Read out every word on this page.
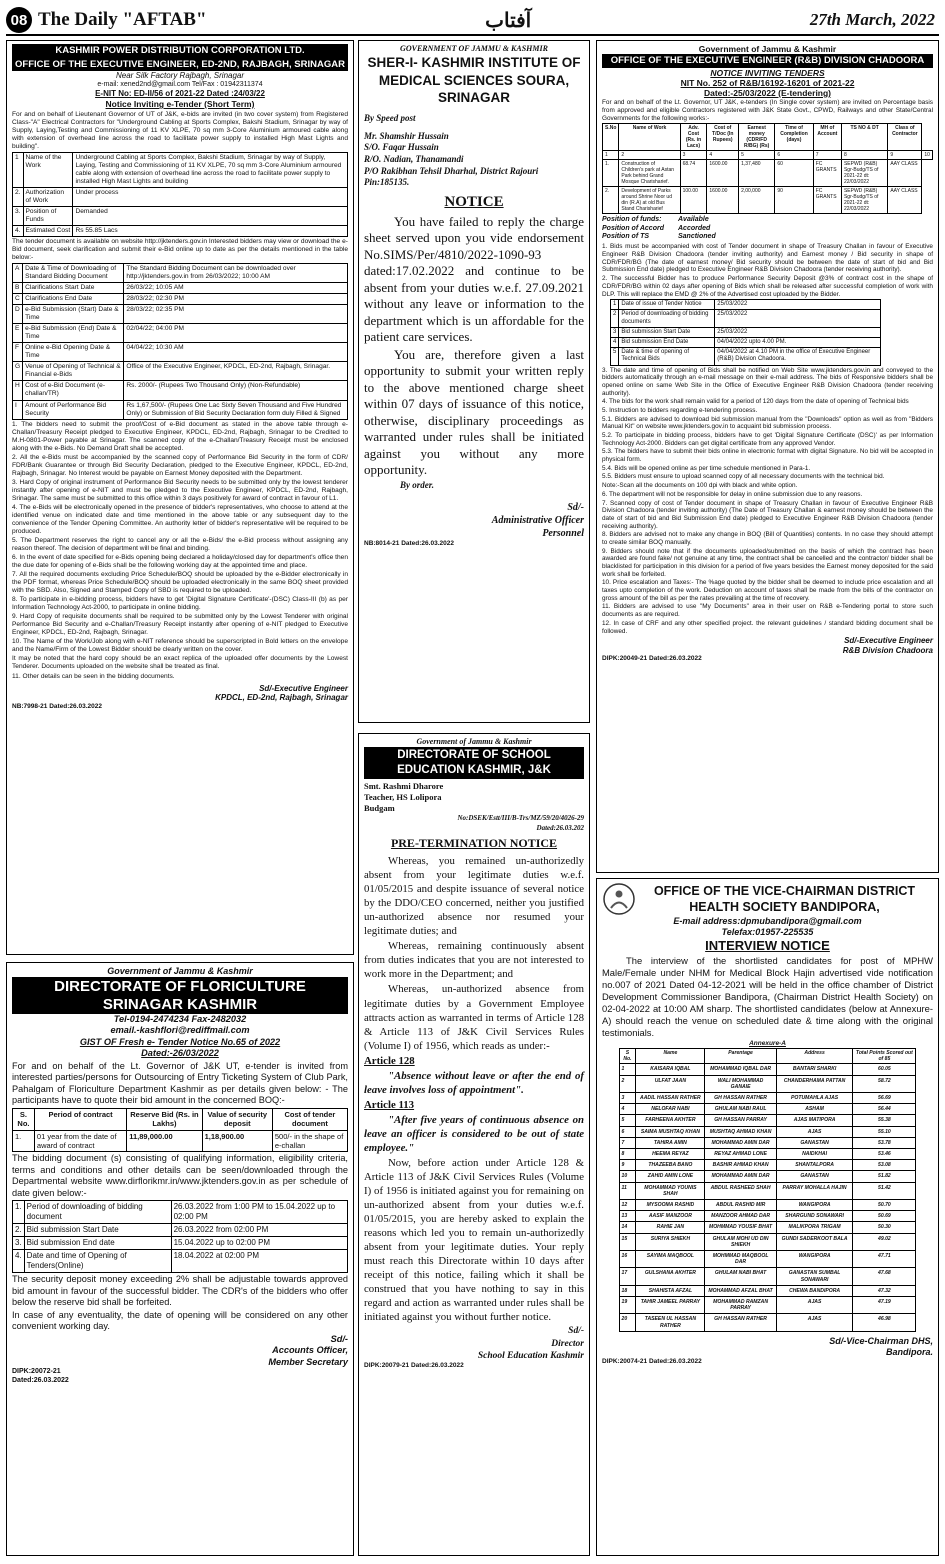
08 The Daily "AFTAB"	آفتاب	27th March, 2022
KASHMIR POWER DISTRIBUTION CORPORATION LTD.
OFFICE OF THE EXECUTIVE ENGINEER, ED-2ND, RAJBAGH, SRINAGAR
Near Silk Factory Rajbagh, Srinagar
e-mail: xened2nd@gmail.com Tel/Fax : 01942311374
E-NIT No: ED-II/56 of 2021-22 Dated :24/03/22
Notice Inviting e-Tender (Short Term)

For and on behalf of Lieutenant Governor of UT of J&K, e-bids are invited (in two cover system) from Registered Class-"A" Electrical Contractors for "Underground Cabling at Sports Complex, Bakshi Stadium, Srinagar by way of Supply, Laying,Testing and Commissioning of 11 KV XLPE, 70 sq mm 3-Core Aluminium armoured cable along with extension of overhead line across the road to facilitate power supply to installed High Mast Lights and building".

1	Name of the Work	Underground Cabling at Sports Complex, Bakshi Stadium, Srinagar by way of Supply, Laying, Testing and Commissioning of 11 KV XLPE, 70 sq mm 3-Core Aluminium armoured cable along with extension of overhead line across the road to facilitate power supply to installed High Mast Lights and building
2.	Authorization of Work	Under process
3.	Position of Funds	Demanded
4.	Estimated Cost	Rs 55.85 Lacs

The tender document is available on website http://jktenders.gov.in Interested bidders may view or download the e-Bid document, seek clarification and submit their e-Bid online up to date as per the details mentioned in the table below:-

A	Date & Time of Downloading of Standard Bidding Document	The Standard Bidding Document can be downloaded over http://jktenders.gov.in from 26/03/2022; 10:00 AM
B	Clarifications Start Date	26/03/22; 10:05 AM
C	Clarifications End Date	28/03/22; 02:30 PM
D	e-Bid Submission (Start) Date & Time	28/03/22; 02:35 PM
E	e-Bid Submission (End) Date & Time	02/04/22; 04:00 PM
F	Online e-Bid Opening Date & Time	04/04/22; 10:30 AM
G	Venue of Opening of Technical & Financial e-Bids	Office of the Executive Engineer, KPDCL, ED-2nd, Rajbagh, Srinagar.
H	Cost of e-Bid Document (e-challan/TR)	Rs. 2000/- (Rupees Two Thousand Only) (Non-Refundable)
I	Amount of Performance Bid Security	Rs 1,67,500/- (Rupees One Lac Sixty Seven Thousand and Five Hundred Only) or Submission of Bid Security Declaration form duly Filled & Signed

1. The bidders need to submit the proof/Cost of e-Bid document as stated in the above table through e-Challan/Treasury Receipt pledged to Executive Engineer, KPDCL, ED-2nd, Rajbagh, Srinagar to be Credited to M.H-0801-Power payable at Srinagar. The scanned copy of the e-Challan/Treasury Receipt must be enclosed along with the e-Bids. No Demand Draft shall be accepted.

2. All the e-Bids must be accompanied by the scanned copy of Performance Bid Security in the form of CDR/ FDR/Bank Guarantee or through Bid Security Declaration, pledged to the Executive Engineer, KPDCL, ED-2nd, Rajbagh, Srinagar. No Interest would be payable on Earnest Money deposited with the Department.

3. Hard Copy of original instrument of Performance Bid Security needs to be submitted only by the lowest tenderer instantly after opening of e-NIT and must be pledged to the Executive Engineer, KPDCL, ED-2nd, Rajbagh, Srinagar. The same must be submitted to this office within 3 days positively for award of contract in favour of L1.

4. The e-Bids will be electronically opened in the presence of bidder's representatives, who choose to attend at the identified venue on indicated date and time mentioned in the above table or any subsequent day to the convenience of the Tender Opening Committee. An authority letter of bidder's representative will be required to be produced.

5. The Department reserves the right to cancel any or all the e-Bids/ the e-Bid process without assigning any reason thereof. The decision of department will be final and binding.

6. In the event of date specified for e-Bids opening being declared a holiday/closed day for department's office then the due date for opening of e-Bids shall be the following working day at the appointed time and place.

7. All the required documents excluding Price Schedule/BOQ should be uploaded by the e-Bidder electronically in the PDF format, whereas Price Schedule/BOQ should be uploaded electronically in the same BOQ sheet provided with the SBD. Also, Signed and Stamped Copy of SBD is required to be uploaded.

8. To participate in e-bidding process, bidders have to get 'Digital Signature Certificate'-(DSC) Class-III (b) as per Information Technology Act-2000, to participate in online bidding.

9. Hard Copy of requisite documents shall be required to be submitted only by the Lowest Tenderer with original Performance Bid Security and e-Challan/Treasury Receipt instantly after opening of e-NIT pledged to Executive Engineer, KPDCL, ED-2nd, Rajbagh, Srinagar.

10. The Name of the Work/Job along with e-NIT reference should be superscripted in Bold letters on the envelope and the Name/Firm of the Lowest Bidder should be clearly written on the cover.

It may be noted that the hard copy should be an exact replica of the uploaded offer documents by the Lowest Tenderer. Documents uploaded on the website shall be treated as final.

11. Other details can be seen in the bidding documents.

Sd/-Executive Engineer
KPDCL, ED-2nd, Rajbagh, Srinagar
NB:7998-21 Dated:26.03.2022
Government of Jammu & Kashmir
DIRECTORATE OF FLORICULTURE SRINAGAR KASHMIR
Tel-0194-2474234 Fax-2482032
email.-kashflori@rediffmail.com
GIST OF Fresh e- Tender Notice No.65 of 2022
Dated:-26/03/2022

For and on behalf of the Lt. Governor of J&K UT, e-tender is invited from interested parties/persons for Outsourcing of Entry Ticketing System of Club Park, Pahalgam of Floriculture Department Kashmir as per details given below: - The participants have to quote their bid amount in the concerned BOQ:-

S. No.	Period of contract	Reserve Bid (Rs. in Lakhs)	Value of security deposit	Cost of tender document
1.	01 year from the date of award of contract	11,89,000.00	1,18,900.00	500/- in the shape of e-challan

The bidding document (s) consisting of qualifying information, eligibility criteria, terms and conditions and other details can be seen/downloaded through the Departmental website www.dirflorikmr.in/www.jktenders.gov.in as per schedule of date given below:-

1.	Period of downloading of bidding document	26.03.2022 from 1:00 PM to 15.04.2022 up to 02:00 PM
2.	Bid submission Start Date	26.03.2022 from 02:00 PM
3.	Bid submission End date	15.04.2022 up to 02:00 PM
4.	Date and time of Opening of Tenders(Online)	18.04.2022 at 02:00 PM

The security deposit money exceeding 2% shall be adjustable towards approved bid amount in favour of the successful bidder. The CDR's of the bidders who offer below the reserve bid shall be forfeited.

In case of any eventuality, the date of opening will be considered on any other convenient working day.

Sd/-
Accounts Officer,
Member Secretary
DIPK:20072-21
Dated:26.03.2022
GOVERNMENT OF JAMMU & KASHMIR
SHER-I- KASHMIR INSTITUTE OF MEDICAL SCIENCES SOURA, SRINAGAR
By Speed post
Mr. Shamshir Hussain
S/O. Faqar Hussain
R/O. Nadian, Thanamandi
P/O Rakibhan Tehsil Dharhal, District Rajouri
Pin:185135.
NOTICE

You have failed to reply the charge sheet served upon you vide endorsement No.SIMS/Per/4810/2022-1090-93 dated:17.02.2022 and continue to be absent from your duties w.e.f. 27.09.2021 without any leave or information to the department which is un affordable for the patient care services.

You are, therefore given a last opportunity to submit your written reply to the above mentioned charge sheet within 07 days of issuance of this notice, otherwise, disciplinary proceedings as warranted under rules shall be initiated against you without any more opportunity.

By order.
Sd/-
Administrative Officer
Personnel
NB:8014-21 Dated:26.03.2022
Government of Jammu & Kashmir
DIRECTORATE OF SCHOOL EDUCATION KASHMIR, J&K
Smt. Rashmi Dharore
Teacher, HS Lolipora
Budgam
No:DSEK/Estt/III/B-Trs/MZ/59/20/4026-29
Dated:26.03.202
PRE-TERMINATION NOTICE

Whereas, you remained un-authorizedly absent from your legitimate duties w.e.f. 01/05/2015 and despite issuance of several notice by the DDO/CEO concerned, neither you justified un-authorized absence nor resumed your legitimate duties; and

Whereas, remaining continuously absent from duties indicates that you are not interested to work more in the Department; and

Whereas, un-authorized absence from legitimate duties by a Government Employee attracts action as warranted in terms of Article 128 & Article 113 of J&K Civil Services Rules (Volume I) of 1956, which reads as under:-

Article 128

"Absence without leave or after the end of leave involves loss of appointment".

Article 113

"After five years of continuous absence on leave an officer is considered to be out of state employee."

Now, before action under Article 128 & Article 113 of J&K Civil Services Rules (Volume I) of 1956 is initiated against you for remaining on un-authorized absent from your duties w.e.f. 01/05/2015, you are hereby asked to explain the reasons which led you to remain un-authorizedly absent from your legitimate duties. Your reply must reach this Directorate within 10 days after receipt of this notice, failing which it shall be construed that you have nothing to say in this regard and action as warranted under rules shall be initiated against you without further notice.

Sd/-
Director
School Education Kashmir
DIPK:20079-21 Dated:26.03.2022
Government of Jammu & Kashmir
OFFICE OF THE EXECUTIVE ENGINEER (R&B) DIVISION CHADOORA
NOTICE INVITING TENDERS
NIT No. 252 of R&B/16192-16201 of 2021-22
Dated:-25/03/2022 (E-tendering)

For and on behalf of the Lt. Governor, UT J&K, e-tenders (In Single cover system) are invited on Percentage basis from approved and eligible Contractors registered with J&K State Govt., CPWD, Railways and other State/Central Governments for the following works:-

S.No	Name of Work	Adv. Cost (Rs. in Lacs)	Cost of T/Doc (In Rupees)	Earnest money (CDR/FD R/BG) (Rs)	Time of Completion (days)	MH of Account	TS NO & DT	Class of Contractor	
1	2	3	4	5	6	7	8	9	10
1.	Construction of Children's park at Astan Park behind Grand Mosque Charisharief.	68.74	1600.00	1,37,480	60	FC GRANTS	SEPWD (R&B) Sgr-Budg/TS of 2021-22 dt: 22/03/2022	AAY CLASS	
2.	Development of Parks around Shrine Noor ud din (R.A) at old Bus Stand Charisharief	100.00	1600.00	2,00,000	90	FC GRANTS	SEPWD (R&B) Sgr-Budg/TS of 2021-22 dt: 22/03/2022	AAY CLASS	
Position of funds: Available
Position of Accord Accorded
Position of TS	Sanctioned

1. Bids must be accompanied with cost of Tender document in shape of Treasury Challan in favour of Executive Engineer R&B Division Chadoora (tender inviting authority) and Earnest money / Bid security in shape of CDR/FDR/BG (The date of earnest money/ Bid security should be between the date of start of bid and Bid Submission End date) pledged to Executive Engineer R&B Division Chadoora (tender receiving authority).

2. The successful Bidder has to produce Performance Security Deposit @3% of contract cost in the shape of CDR/FDR/BG within 02 days after opening of Bids which shall be released after successful completion of work with DLP. This will replace the EMD @ 2% of the Advertised cost uploaded by the Bidder.

1	Date of issue of Tender Notice	25/03/2022
2	Period of downloading of bidding documents	25/03/2022
3	Bid submission Start Date	25/03/2022
4	Bid submission End Date	04/04/2022 upto 4.00 PM.
5	Date & time of opening of Technical Bids	04/04/2022 at 4.10 PM in the office of Executive Engineer (R&B) Division Chadoora.

3. The date and time of opening of Bids shall be notified on Web Site www.jktenders.gov.in and conveyed to the bidders automatically through an e-mail message on their e-mail address. The bids of Responsive bidders shall be opened online on same Web Site in the Office of Executive Engineer R&B Division Chadoora (tender receiving authority).

4. The bids for the work shall remain valid for a period of 120 days from the date of opening of Technical bids

5. Instruction to bidders regarding e-tendering process.

5.1. Bidders are advised to download bid submission manual from the "Downloads" option as well as from "Bidders Manual Kit" on website www.jktenders.gov.in to acquaint bid submission process.

5.2. To participate in bidding process, bidders have to get 'Digital Signature Certificate (DSC)' as per Information Technology Act-2000. Bidders can get digital certificate from any approved Vendor.

5.3. The bidders have to submit their bids online in electronic format with digital Signature. No bid will be accepted in physical form.

5.4. Bids will be opened online as per time schedule mentioned in Para-1.

5.5. Bidders must ensure to upload scanned copy of all necessary documents with the technical bid.

Note:-Scan all the documents on 100 dpi with black and white option.

6. The department will not be responsible for delay in online submission due to any reasons.

7. Scanned copy of cost of Tender document in shape of Treasury Challan in favour of Executive Engineer R&B Division Chadoora (tender inviting authority) (The Date of Treasury Challan & earnest money should be between the date of start of bid and Bid Submission End date) pledged to Executive Engineer R&B Division Chadoora (tender receiving authority).

8. Bidders are advised not to make any change in BOQ (Bill of Quantities) contents. In no case they should attempt to create similar BOQ manually.

9. Bidders should note that if the documents uploaded/submitted on the basis of which the contract has been awarded are found fake/ not genuine at any time, the contract shall be cancelled and the contractor/ bidder shall be blacklisted for participation in this division for a period of five years besides the Earnest money deposited for the said work shall be forfeited.

10. Price escalation and Taxes:- The %age quoted by the bidder shall be deemed to include price escalation and all taxes upto completion of the work. Deduction on account of taxes shall be made from the bills of the contractor on gross amount of the bill as per the rates prevailing at the time of recovery.

11. Bidders are advised to use "My Documents" area in their user on R&B e-Tendering portal to store such documents as are required.

12. In case of CRF and any other specified project. the relevant guidelines / standard bidding document shall be followed.

Sd/-Executive Engineer
R&B Division Chadoora
DIPK:20049-21 Dated:26.03.2022
OFFICE OF THE VICE-CHAIRMAN DISTRICT HEALTH SOCIETY BANDIPORA,
E-mail address:dpmubandipora@gmail.com
Telefax:01957-225535
INTERVIEW NOTICE

The interview of the shortlisted candidates for post of MPHW Male/Female under NHM for Medical Block Hajin advertised vide notification no.007 of 2021 Dated 04-12-2021 will be held in the office chamber of District Development Commissioner Bandipora, (Chairman District Health Society) on 02-04-2022 at 10:00 AM sharp. The shortlisted candidates (below at Annexure-A) should reach the venue on scheduled date & time along with the original testimonials.

Annexure-A
S No.	Name	Parentage	Address	Total Points Scored out of 85
1	KAISARA IQBAL	MOHAMMAD IQBAL DAR	BANTARI SHARKI	60.05
2	ULFAT JAAN	WALI MOHAMMAD GANAIE	CHANDERHAMA PATTAN	58.72
3	AADIL HASSAN RATHER	GH HASSAN RATHER	POTUMAHLA AJAS	56.69
4	NELOFAR NABI	GHULAM NABI RAUL	ASHAM	56.44
5	FARHEENA AKHTER	GH HASSAN PARRAY	AJAS MATIPORA	55.38
6	SAIMA MUSHTAQ KHAN	MUSHTAQ AHMAD KHAN	AJAS	55.10
7	TAHIRA AMIN	MOHAMMAD AMIN DAR	GANASTAN	53.78
8	HEEMA REYAZ	REYAZ AHMAD LONE	NAIDKHAI	53.46
9	THAZEEBA BANO	BASHIR AHMAD KHAN	SHANTALPORA	53.08
10	ZAHID AMIN LONE	MOHAMMAD AMIN DAR	GANASTAN	51.82
11	MOHAMMAD YOUNIS SHAH	ABDUL RASHEED SHAH	PARRAY MOHALLA HAJIN	51.42
12	MYSOOMA RASHID	ABDUL RASHID MIR	WANGIPORA	50.70
13	AASIF MANZOOR	MANZOOR AHMAD DAR	SHARGUND SONAWARI	50.69
14	RAHIE JAN	MOHMMAD YOUSIF BHAT	MALIKPORA TRIGAM	50.30
15	SURIYA SHIEKH	GHULAM MOHI UD DIN SHIEKH	GUNDI SADERKOOT BALA	49.02
16	SAYIMA MAQBOOL	MOHMMAD MAQBOOL DAR	WANGIPORA	47.71
17	GULSHANA AKHTER	GHULAM NABI BHAT	GANASTAN SUMBAL SONAWARI	47.68
18	SHAHISTA AFZAL	MOHAMMAD AFZAL BHAT	CHEWA BANDIPORA	47.32
19	TAHIR JAMEEL PARRAY	MOHAMMAD RAMZAN PARRAY	AJAS	47.19
20	TASEEN UL HASSAN RATHER	GH HASSAN RATHER	AJAS	46.98
Sd/-Vice-Chairman DHS,
Bandipora.
DIPK:20074-21 Dated:26.03.2022
